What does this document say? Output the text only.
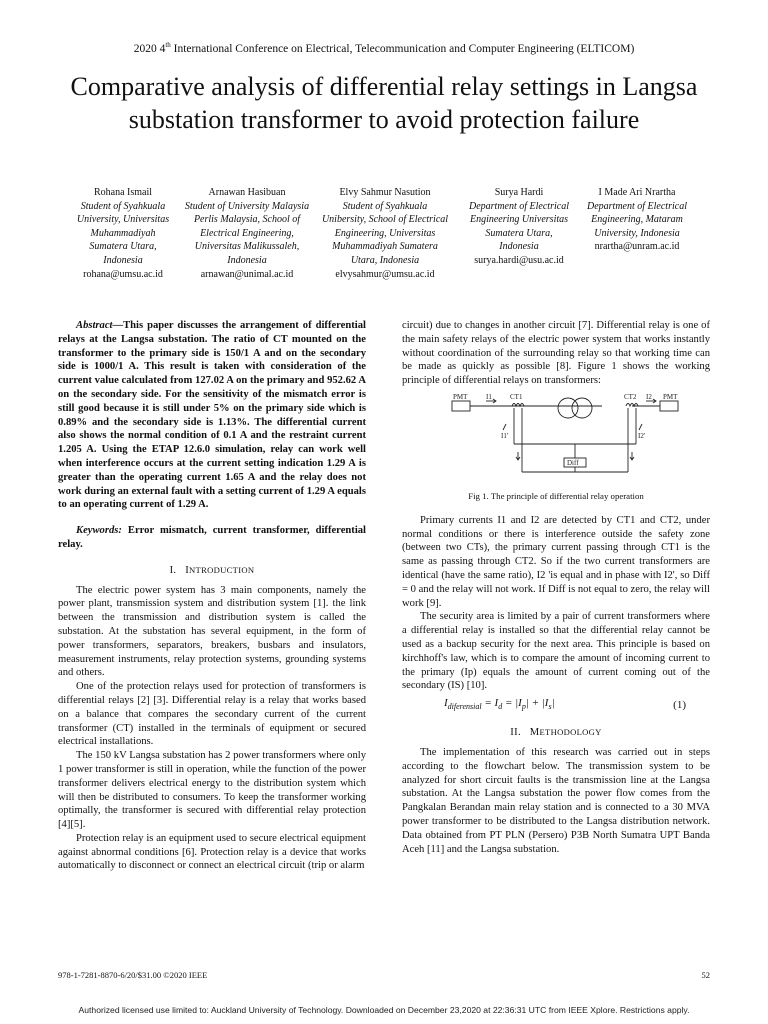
2020 4th International Conference on Electrical, Telecommunication and Computer Engineering (ELTICOM)
Comparative analysis of differential relay settings in Langsa substation transformer to avoid protection failure
Rohana Ismail
Student of Syahkuala University, Universitas Muhammadiyah Sumatera Utara, Indonesia
rohana@umsu.ac.id
Arnawan Hasibuan
Student of University Malaysia Perlis Malaysia, School of Electrical Engineering, Universitas Malikussaleh, Indonesia
arnawan@unimal.ac.id
Elvy Sahmur Nasution
Student of Syahkuala Unibersity, School of Electrical Engineering, Universitas Muhammadiyah Sumatera Utara, Indonesia
elvysahmur@umsu.ac.id
Surya Hardi
Department of Electrical Engineering Universitas Sumatera Utara, Indonesia
surya.hardi@usu.ac.id
I Made Ari Nrartha
Department of Electrical Engineering, Mataram University, Indonesia
nrartha@unram.ac.id

Abstract—This paper discusses the arrangement of differential relays at the Langsa substation. The ratio of CT mounted on the transformer to the primary side is 150/1 A and on the secondary side is 1000/1 A. This result is taken with consideration of the current value calculated from 127.02 A on the primary and 952.62 A on the secondary side. For the sensitivity of the mismatch error is still good because it is still under 5% on the primary side which is 0.89% and the secondary side is 1.13%. The differential current also shows the normal condition of 0.1 A and the restraint current 1.205 A. Using the ETAP 12.6.0 simulation, relay can work well when interference occurs at the current setting indication 1.29 A is greater than the operating current 1.65 A and the relay does not work during an external fault with a setting current of 1.29 A equals to an operating current of 1.29 A.

Keywords: Error mismatch, current transformer, differential relay.

I. INTRODUCTION

The electric power system has 3 main components, namely the power plant, transmission system and distribution system [1]. the link between the transmission and distribution system is called the substation. At the substation has several equipment, in the form of power transformers, separators, breakers, busbars and insulators, measurement instruments, relay protection systems, grounding systems and others.

One of the protection relays used for protection of transformers is differential relays [2] [3]. Differential relay is a relay that works based on a balance that compares the secondary current of the current transformer (CT) installed in the terminals of equipment or secured electrical installations.

The 150 kV Langsa substation has 2 power transformers where only 1 power transformer is still in operation, while the function of the power transformer delivers electrical energy to the distribution system which will then be distributed to consumers. To keep the transformer working optimally, the transformer is secured with differential relay protection [4][5].

Protection relay is an equipment used to secure electrical equipment against abnormal conditions [6]. Protection relay is a device that works automatically to disconnect or connect an electrical circuit (trip or alarm

circuit) due to changes in another circuit [7]. Differential relay is one of the main safety relays of the electric power system that works instantly without coordination of the surrounding relay so that working time can be made as quickly as possible [8]. Figure 1 shows the working principle of differential relays on transformers:

PMT	I1	CT1	CT2 I2 PMT
I1'	I2'
Diff

Fig 1. The principle of differential relay operation

Primary currents I1 and I2 are detected by CT1 and CT2, under normal conditions or there is interference outside the safety zone (between two CTs), the primary current passing through CT1 is the same as passing through CT2. So if the two current transformers are identical (have the same ratio), I2 'is equal and in phase with I2', so Diff = 0 and the relay will not work. If Diff is not equal to zero, the relay will work [9].

The security area is limited by a pair of current transformers where a differential relay is installed so that the differential relay cannot be used as a backup security for the next area. This principle is based on kirchhoff's law, which is to compare the amount of incoming current to the primary (Ip) equals the amount of current coming out of the secondary (IS) [10].

$I_{diferensial} = I_d = |I_p| + |I_s|$	(1)
II. METHODOLOGY

The implementation of this research was carried out in steps according to the flowchart below. The transmission system to be analyzed for short circuit faults is the transmission line at the Langsa substation. At the Langsa substation the power flow comes from the Pangkalan Berandan main relay station and is connected to a 30 MVA power transformer to be distributed to the Langsa distribution network. Data obtained from PT PLN (Persero) P3B North Sumatra UPT Banda Aceh [11] and the Langsa substation.

978-1-7281-8870-6/20/$31.00 ©2020 IEEE	52
Authorized licensed use limited to: Auckland University of Technology. Downloaded on December 23,2020 at 22:36:31 UTC from IEEE Xplore. Restrictions apply.
